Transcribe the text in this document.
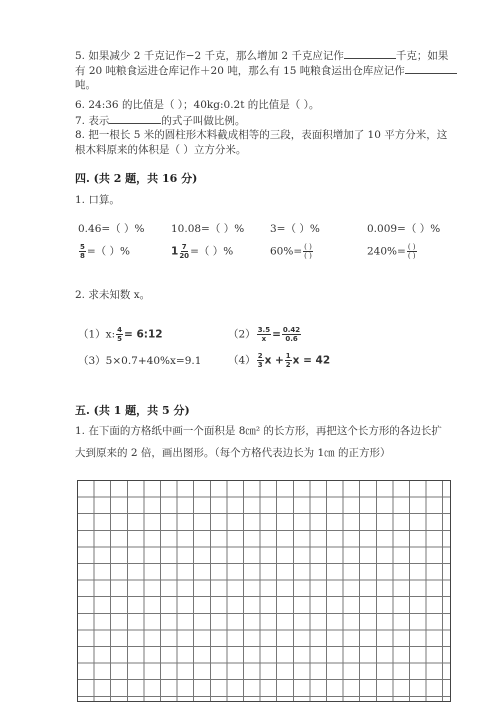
5. 如果减少 2 千克记作−2 千克，那么增加 2 千克应记作	千克；如果
有 20 吨粮食运进仓库记作＋20 吨，那么有 15 吨粮食运出仓库应记作
吨。
6. 24:36 的比值是（ ）；40kg:0.2t 的比值是（ ）。
7. 表示	的式子叫做比例。
8. 把一根长 5 米的圆柱形木料截成相等的三段，表面积增加了 10 平方分米，这
根木料原来的体积是（ ）立方分米。
四. (共 2 题，共 16 分)
1. 口算。
0.46=（ ）%	10.08=（ ）% 3=（ ）%	0.009=（ ）%
$\frac{5}{8}$ =（ ）%	$1 \frac{7}{20}$ =（ ）%	$60\%= \frac{( )}{( )}$	$240\%= \frac{( )}{( )}$
2. 求未知数 x。
（1）x: $\frac{4}{5}$ = 6:12	$(2) \frac{3.5}{x} = \frac{0.42}{0.6}$
（3）5×0.7+40%x=9.1	$(4) \frac{2}{3}$ $x + \frac{1}{2}$ x = 42
五. (共 1 题，共 5 分)
1. 在下面的方格纸中画一个面积是 8㎝² 的长方形，再把这个长方形的各边长扩
大到原来的 2 倍，画出图形。（每个方格代表边长为 1㎝ 的正方形）
